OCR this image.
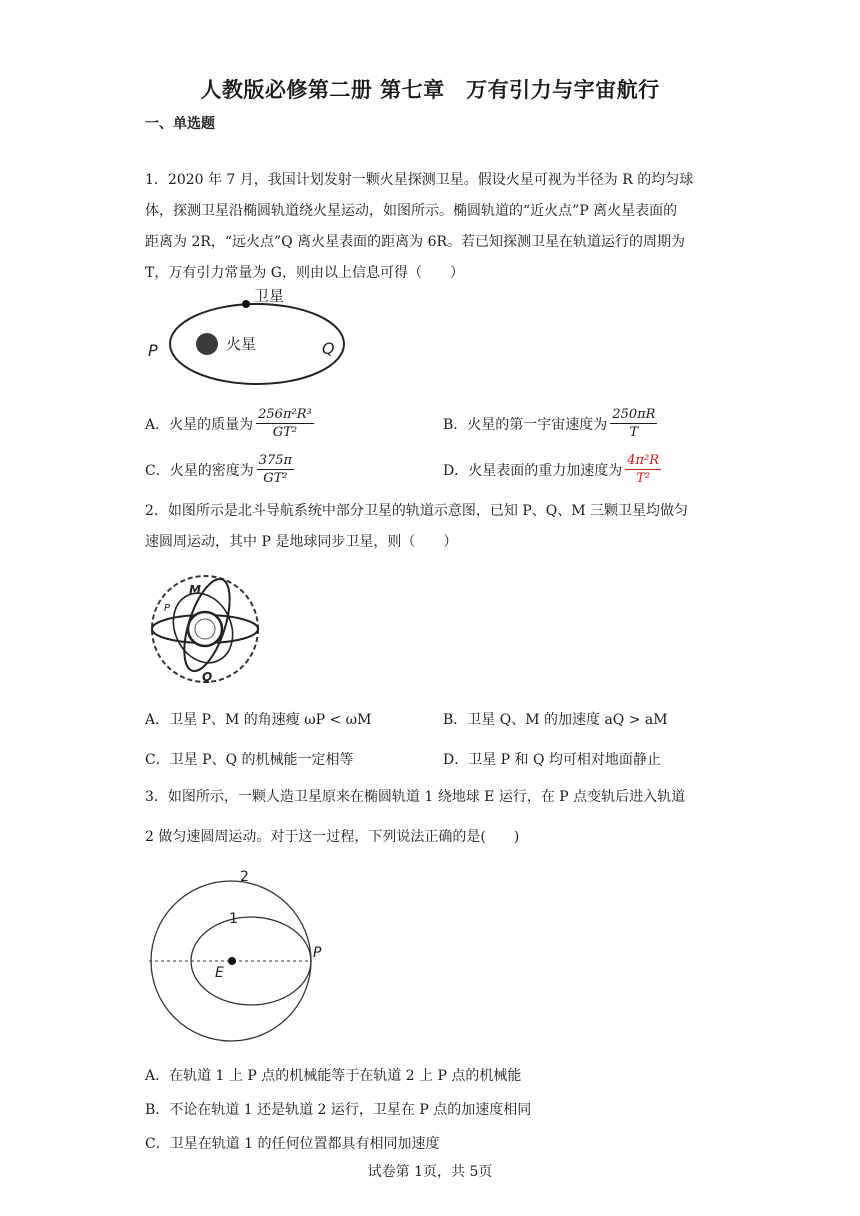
人教版必修第二册 第七章　万有引力与宇宙航行
一、单选题
1．2020 年 7 月，我国计划发射一颗火星探测卫星。假设火星可视为半径为 R 的均匀球
体，探测卫星沿椭圆轨道绕火星运动，如图所示。椭圆轨道的“近火点”P 离火星表面的
距离为 2R，“远火点”Q 离火星表面的距离为 6R。若已知探测卫星在轨道运行的周期为
T，万有引力常量为 G，则由以上信息可得（　　）
卫星
火星
P	Q
A．火星的质量为 $\frac{\text{256π²R³}}{\text{GT²}}$	B．火星的第一宇宙速度为 $\frac{250\pi R}{T}$
C．火星的密度为 $\frac{375\pi}{\text{GT²}}$	D．火星表面的重力加速度为 $\frac{\text{4π²R}}{\text{T²}}$
2．如图所示是北斗导航系统中部分卫星的轨道示意图，已知 P、Q、M 三颗卫星均做匀
速圆周运动，其中 P 是地球同步卫星，则（　　）
M
P
Q
A．卫星 P、M 的角速瘦 ωP < ωM	B．卫星 Q、M 的加速度 aQ > aM
C．卫星 P、Q 的机械能一定相等	D．卫星 P 和 Q 均可相对地面静止
3．如图所示，一颗人造卫星原来在椭圆轨道 1 绕地球 E 运行，在 P 点变轨后进入轨道
2 做匀速圆周运动。对于这一过程，下列说法正确的是(　　)
2
1
E
P
A．在轨道 1 上 P 点的机械能等于在轨道 2 上 P 点的机械能
B．不论在轨道 1 还是轨道 2 运行，卫星在 P 点的加速度相同
C．卫星在轨道 1 的任何位置都具有相同加速度
试卷第 1页，共 5页
